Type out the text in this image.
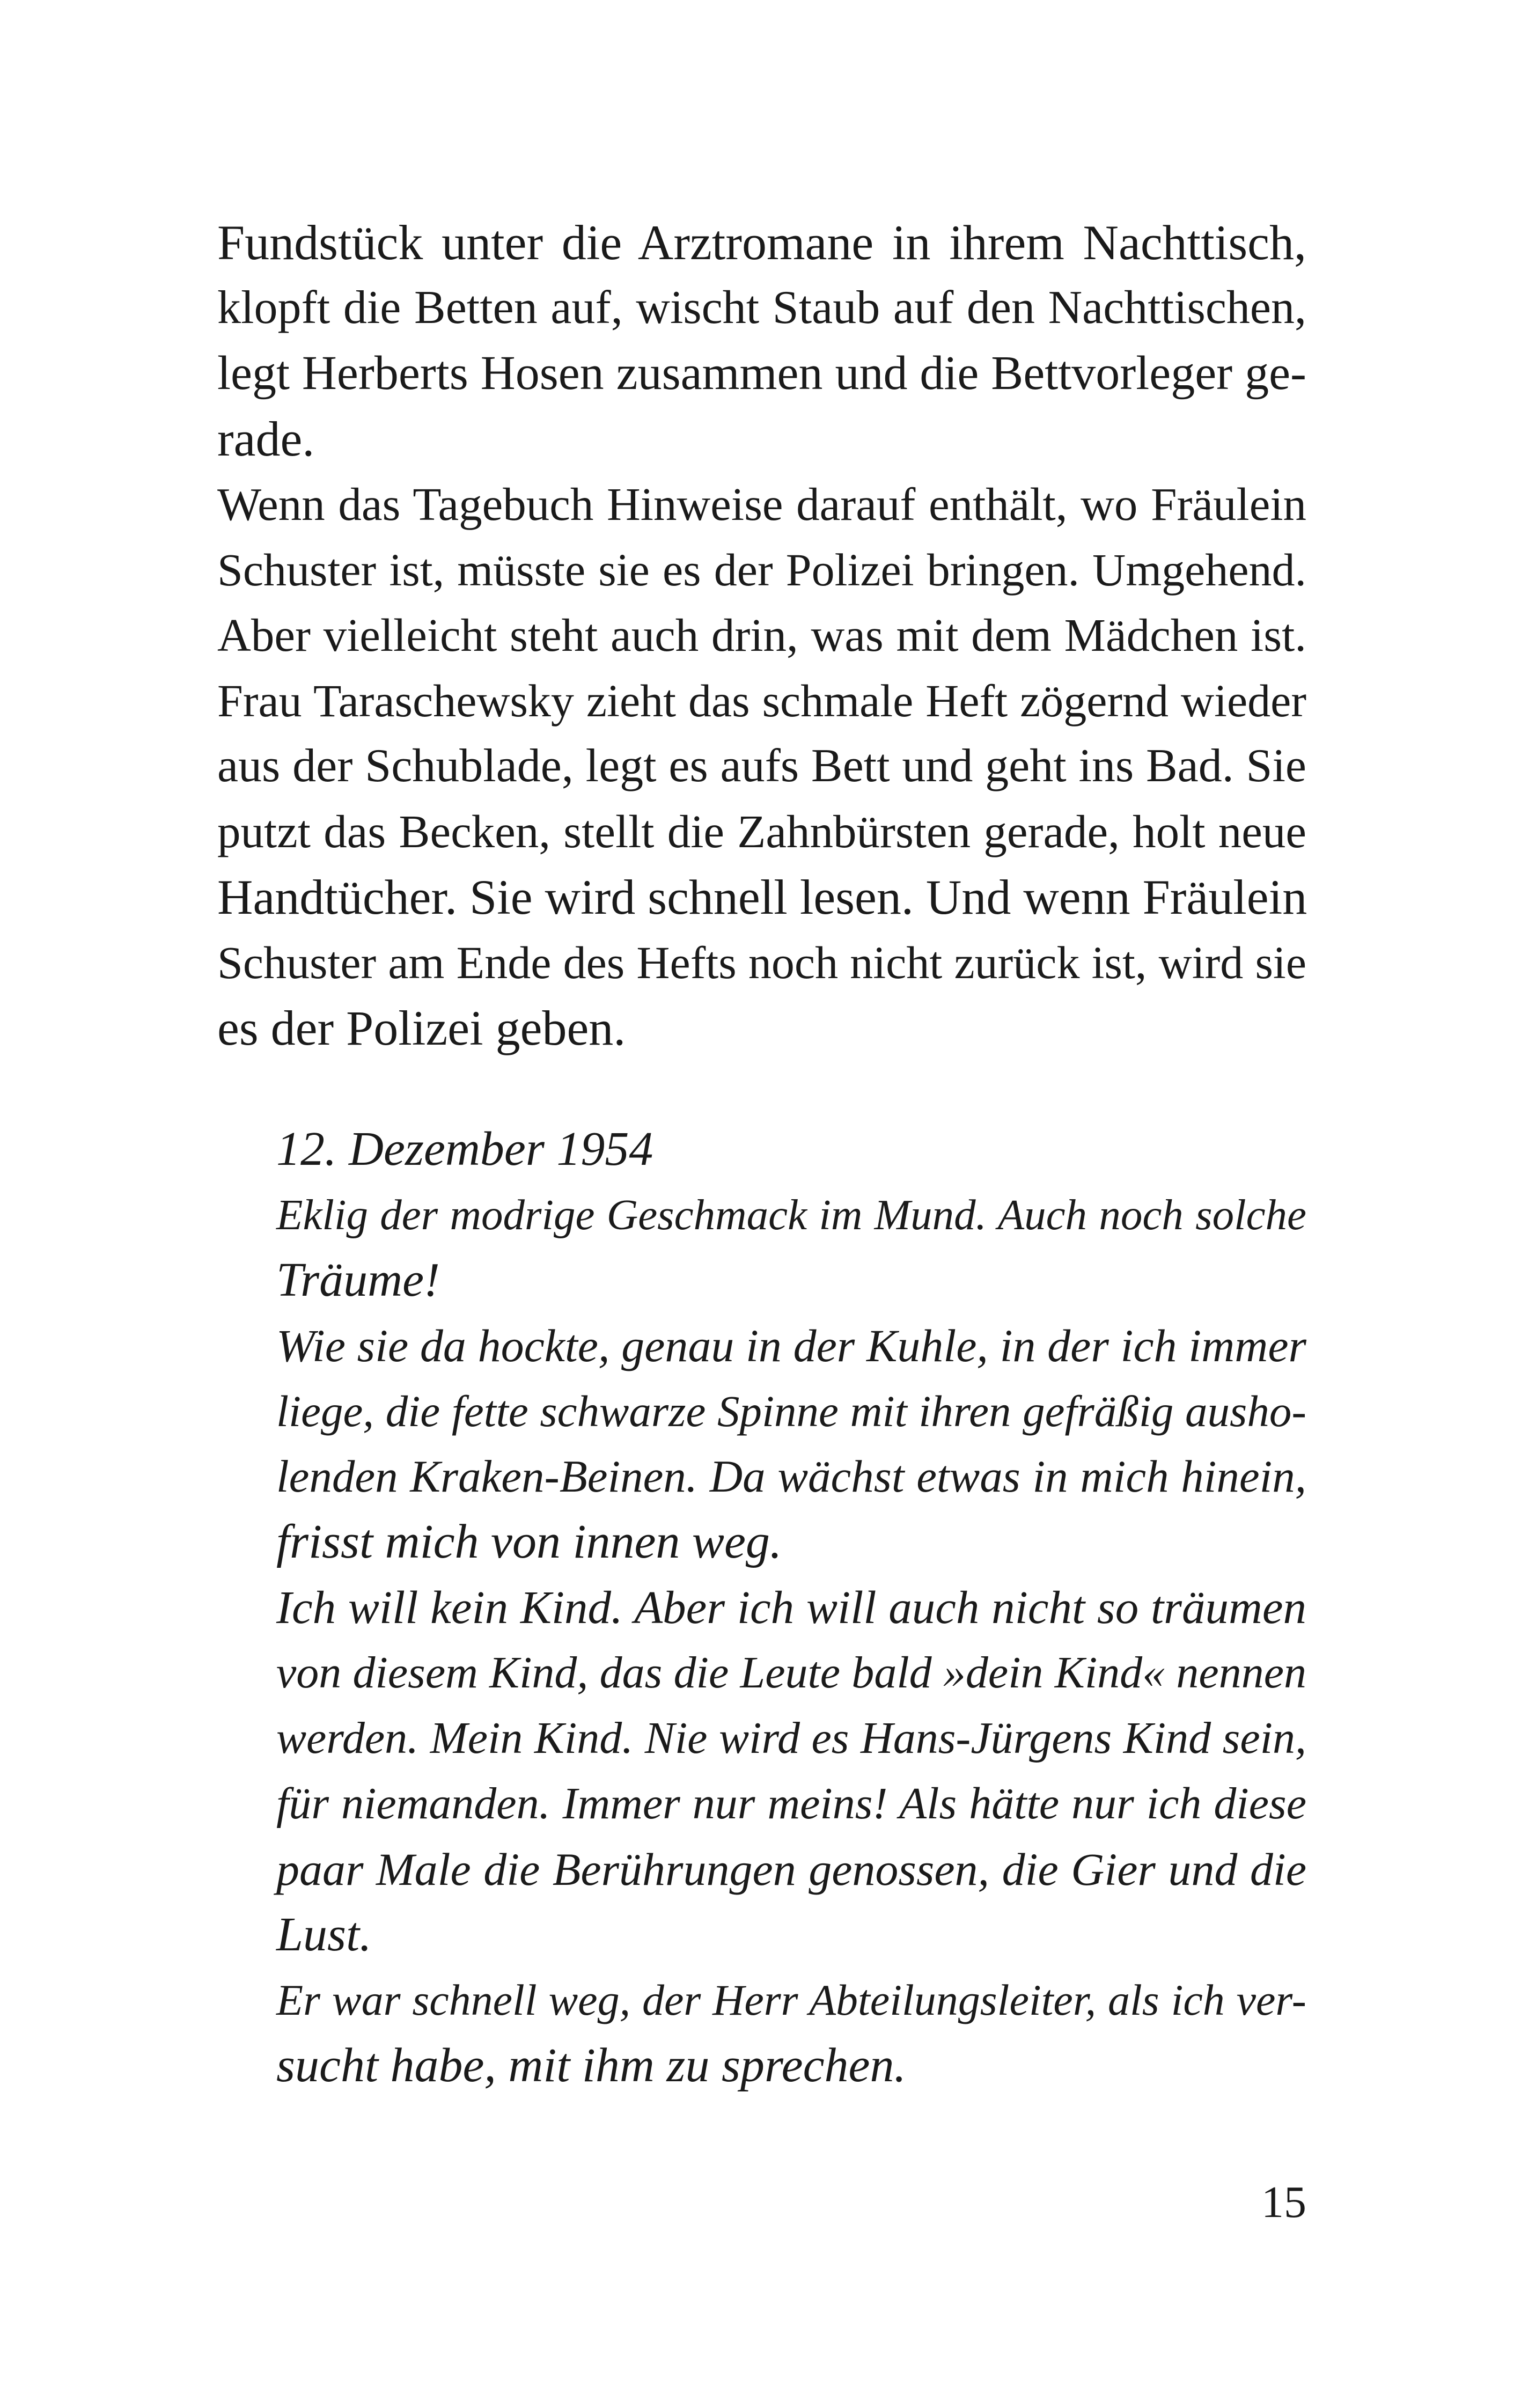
Fundstück unter die Arztromane in ihrem Nachttisch,

klopft die Betten auf, wischt Staub auf den Nachttischen,

legt Herberts Hosen zusammen und die Bettvorleger ge-

rade.

Wenn das Tagebuch Hinweise darauf enthält, wo Fräulein

Schuster ist, müsste sie es der Polizei bringen. Umgehend.

Aber vielleicht steht auch drin, was mit dem Mädchen ist.

Frau Taraschewsky zieht das schmale Heft zögernd wieder

aus der Schublade, legt es aufs Bett und geht ins Bad. Sie

putzt das Becken, stellt die Zahnbürsten gerade, holt neue

Handtücher. Sie wird schnell lesen. Und wenn Fräulein

Schuster am Ende des Hefts noch nicht zurück ist, wird sie

es der Polizei geben.

12. Dezember 1954

Eklig der modrige Geschmack im Mund. Auch noch solche

Träume!

Wie sie da hockte, genau in der Kuhle, in der ich immer

liege, die fette schwarze Spinne mit ihren gefräßig ausho-

lenden Kraken-Beinen. Da wächst etwas in mich hinein,

frisst mich von innen weg.

Ich will kein Kind. Aber ich will auch nicht so träumen

von diesem Kind, das die Leute bald »dein Kind« nennen

werden. Mein Kind. Nie wird es Hans-Jürgens Kind sein,

für niemanden. Immer nur meins! Als hätte nur ich diese

paar Male die Berührungen genossen, die Gier und die

Lust.

Er war schnell weg, der Herr Abteilungsleiter, als ich ver-

sucht habe, mit ihm zu sprechen.

15
